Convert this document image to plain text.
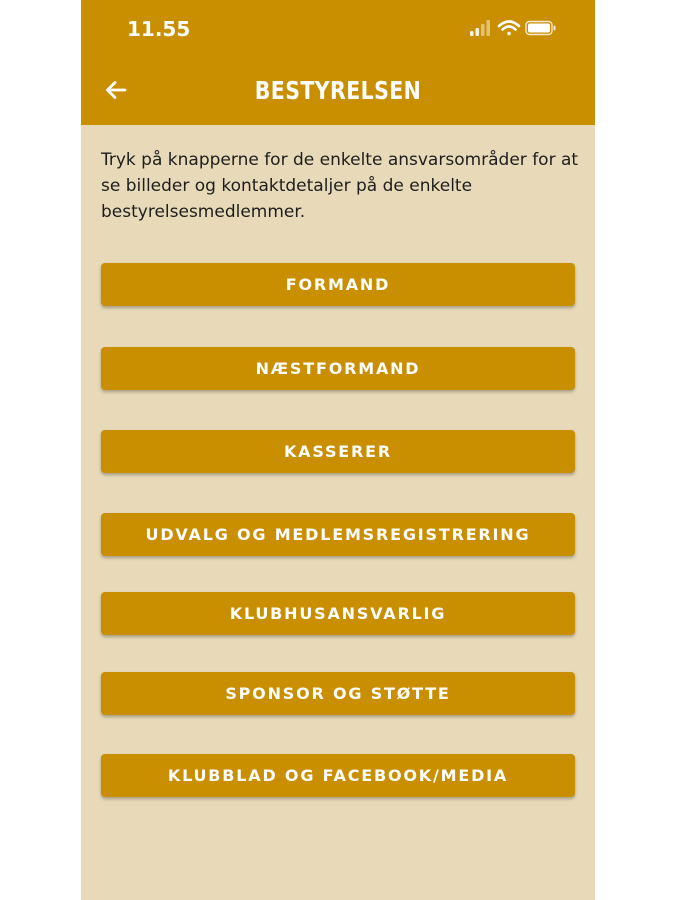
11.55
BESTYRELSEN
Tryk på knapperne for de enkelte ansvarsområder for at se billeder og kontaktdetaljer på de enkelte bestyrelsesmedlemmer.
FORMAND
NÆSTFORMAND
KASSERER
UDVALG OG MEDLEMSREGISTRERING
KLUBHUSANSVARLIG
SPONSOR OG STØTTE
KLUBBLAD OG FACEBOOK/MEDIA
